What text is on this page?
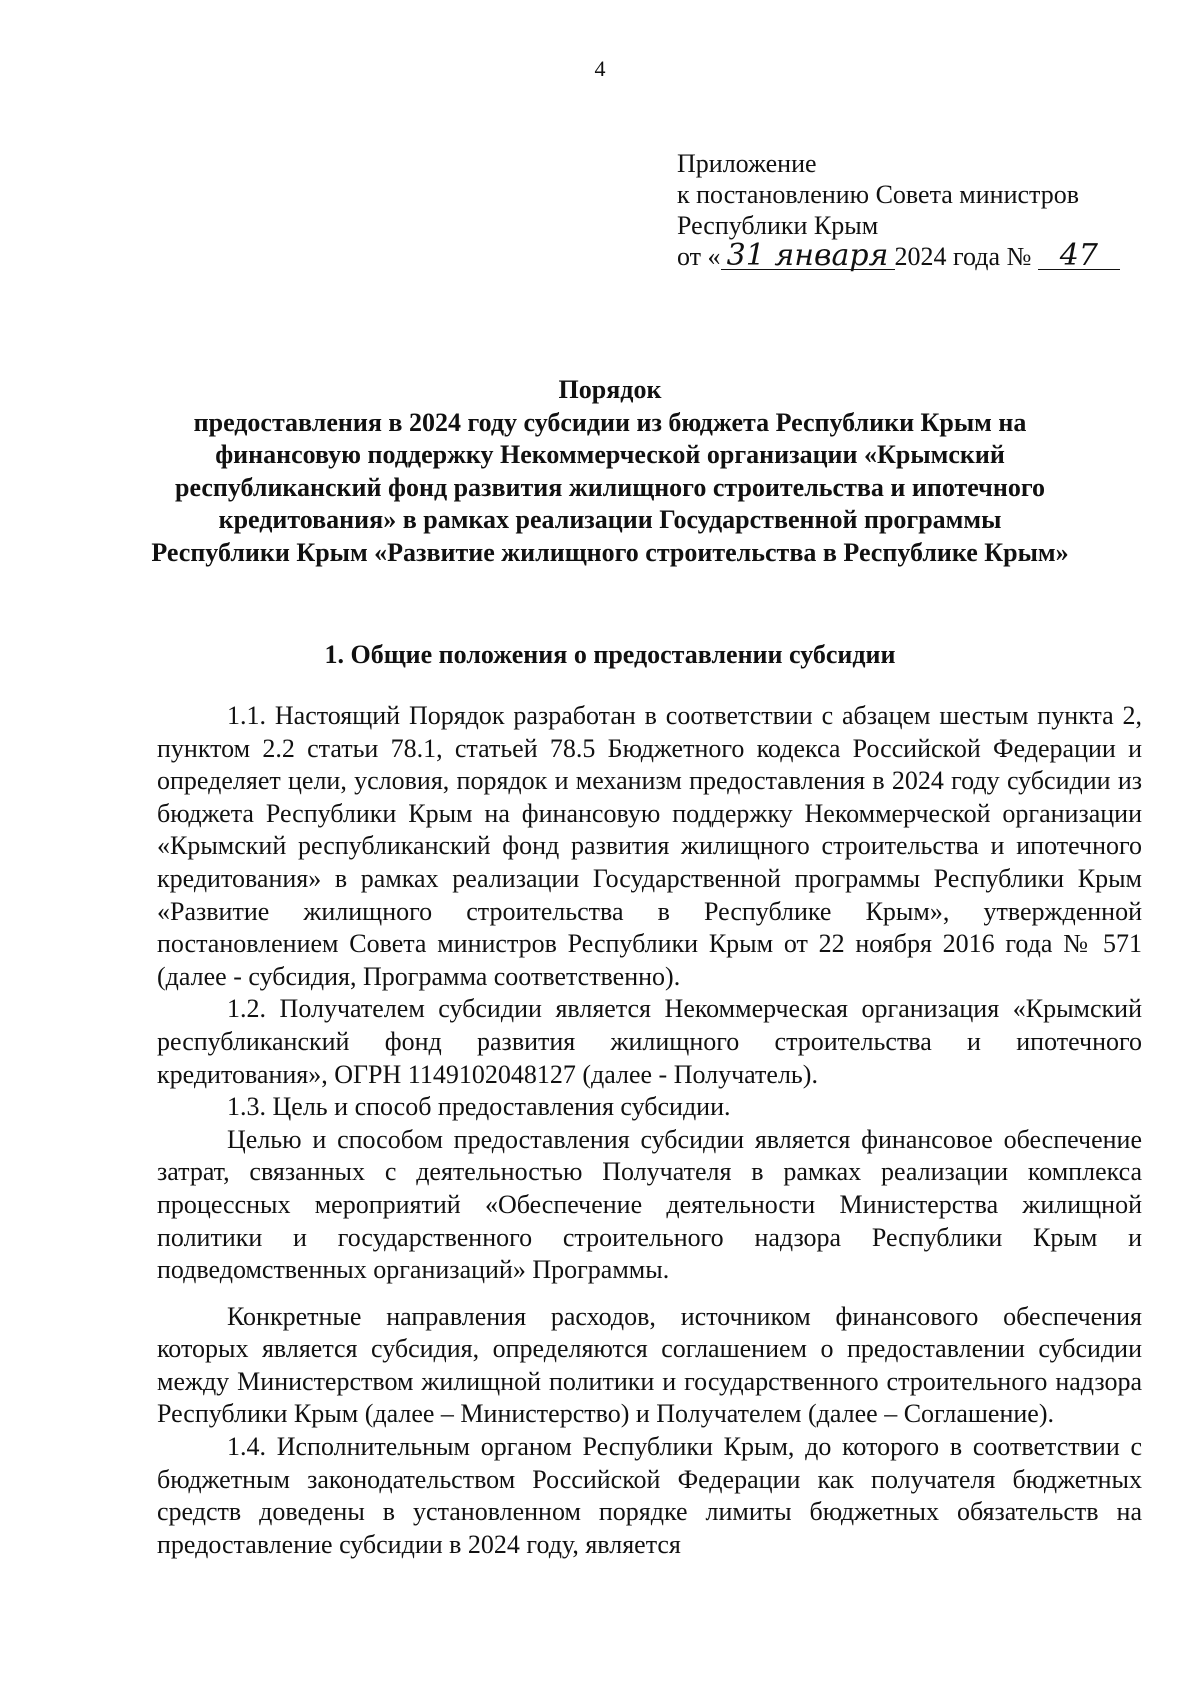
4
Приложение
к постановлению Совета министров
Республики Крым
от « 31 января 2024 года № 47
Порядок
предоставления в 2024 году субсидии из бюджета Республики Крым на финансовую поддержку Некоммерческой организации «Крымский республиканский фонд развития жилищного строительства и ипотечного кредитования» в рамках реализации Государственной программы Республики Крым «Развитие жилищного строительства в Республике Крым»
1. Общие положения о предоставлении субсидии

1.1. Настоящий Порядок разработан в соответствии с абзацем шестым пункта 2, пунктом 2.2 статьи 78.1, статьей 78.5 Бюджетного кодекса Российской Федерации и определяет цели, условия, порядок и механизм предоставления в 2024 году субсидии из бюджета Республики Крым на финансовую поддержку Некоммерческой организации «Крымский республиканский фонд развития жилищного строительства и ипотечного кредитования» в рамках реализации Государственной программы Республики Крым «Развитие жилищного строительства в Республике Крым», утвержденной постановлением Совета министров Республики Крым от 22 ноября 2016 года № 571 (далее - субсидия, Программа соответственно).

1.2. Получателем субсидии является Некоммерческая организация «Крымский республиканский фонд развития жилищного строительства и ипотечного кредитования», ОГРН 1149102048127 (далее - Получатель).

1.3. Цель и способ предоставления субсидии.

Целью и способом предоставления субсидии является финансовое обеспечение затрат, связанных с деятельностью Получателя в рамках реализации комплекса процессных мероприятий «Обеспечение деятельности Министерства жилищной политики и государственного строительного надзора Республики Крым и подведомственных организаций» Программы.

Конкретные направления расходов, источником финансового обеспечения которых является субсидия, определяются соглашением о предоставлении субсидии между Министерством жилищной политики и государственного строительного надзора Республики Крым (далее – Министерство) и Получателем (далее – Соглашение).

1.4. Исполнительным органом Республики Крым, до которого в соответствии с бюджетным законодательством Российской Федерации как получателя бюджетных средств доведены в установленном порядке лимиты бюджетных обязательств на предоставление субсидии в 2024 году, является
